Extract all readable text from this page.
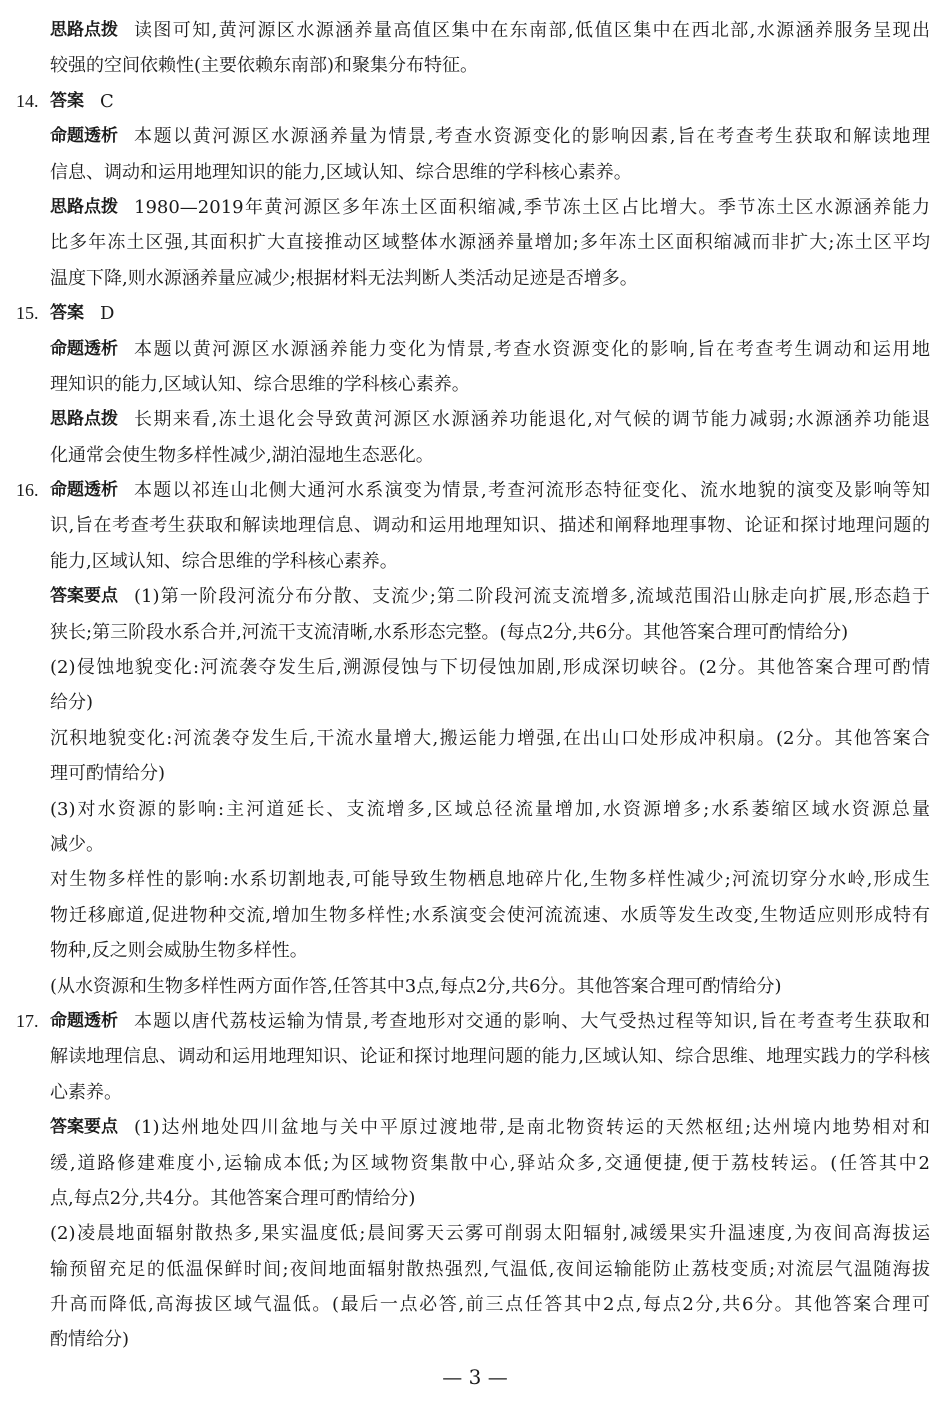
思路点拨 读图可知,黄河源区水源涵养量高值区集中在东南部,低值区集中在西北部,水源涵养服务呈现出
较强的空间依赖性(主要依赖东南部)和聚集分布特征。
14. 答案 C
命题透析 本题以黄河源区水源涵养量为情景,考查水资源变化的影响因素,旨在考查考生获取和解读地理
信息、调动和运用地理知识的能力,区域认知、综合思维的学科核心素养。
思路点拨 1980—2019年黄河源区多年冻土区面积缩减,季节冻土区占比增大。季节冻土区水源涵养能力
比多年冻土区强,其面积扩大直接推动区域整体水源涵养量增加;多年冻土区面积缩减而非扩大;冻土区平均
温度下降,则水源涵养量应减少;根据材料无法判断人类活动足迹是否增多。
15. 答案 D
命题透析 本题以黄河源区水源涵养能力变化为情景,考查水资源变化的影响,旨在考查考生调动和运用地
理知识的能力,区域认知、综合思维的学科核心素养。
思路点拨 长期来看,冻土退化会导致黄河源区水源涵养功能退化,对气候的调节能力减弱;水源涵养功能退
化通常会使生物多样性减少,湖泊湿地生态恶化。
16. 命题透析 本题以祁连山北侧大通河水系演变为情景,考查河流形态特征变化、流水地貌的演变及影响等知
识,旨在考查考生获取和解读地理信息、调动和运用地理知识、描述和阐释地理事物、论证和探讨地理问题的
能力,区域认知、综合思维的学科核心素养。
答案要点 (1)第一阶段河流分布分散、支流少;第二阶段河流支流增多,流域范围沿山脉走向扩展,形态趋于
狭长;第三阶段水系合并,河流干支流清晰,水系形态完整。(每点2分,共6分。其他答案合理可酌情给分)
(2)侵蚀地貌变化:河流袭夺发生后,溯源侵蚀与下切侵蚀加剧,形成深切峡谷。(2分。其他答案合理可酌情
给分)
沉积地貌变化:河流袭夺发生后,干流水量增大,搬运能力增强,在出山口处形成冲积扇。(2分。其他答案合
理可酌情给分)
(3)对水资源的影响:主河道延长、支流增多,区域总径流量增加,水资源增多;水系萎缩区域水资源总量
减少。
对生物多样性的影响:水系切割地表,可能导致生物栖息地碎片化,生物多样性减少;河流切穿分水岭,形成生
物迁移廊道,促进物种交流,增加生物多样性;水系演变会使河流流速、水质等发生改变,生物适应则形成特有
物种,反之则会威胁生物多样性。
(从水资源和生物多样性两方面作答,任答其中3点,每点2分,共6分。其他答案合理可酌情给分)
17. 命题透析 本题以唐代荔枝运输为情景,考查地形对交通的影响、大气受热过程等知识,旨在考查考生获取和
解读地理信息、调动和运用地理知识、论证和探讨地理问题的能力,区域认知、综合思维、地理实践力的学科核
心素养。
答案要点 (1)达州地处四川盆地与关中平原过渡地带,是南北物资转运的天然枢纽;达州境内地势相对和
缓,道路修建难度小,运输成本低;为区域物资集散中心,驿站众多,交通便捷,便于荔枝转运。(任答其中2
点,每点2分,共4分。其他答案合理可酌情给分)
(2)凌晨地面辐射散热多,果实温度低;晨间雾天云雾可削弱太阳辐射,减缓果实升温速度,为夜间高海拔运
输预留充足的低温保鲜时间;夜间地面辐射散热强烈,气温低,夜间运输能防止荔枝变质;对流层气温随海拔
升高而降低,高海拔区域气温低。(最后一点必答,前三点任答其中2点,每点2分,共6分。其他答案合理可
酌情给分)
— 3 —
